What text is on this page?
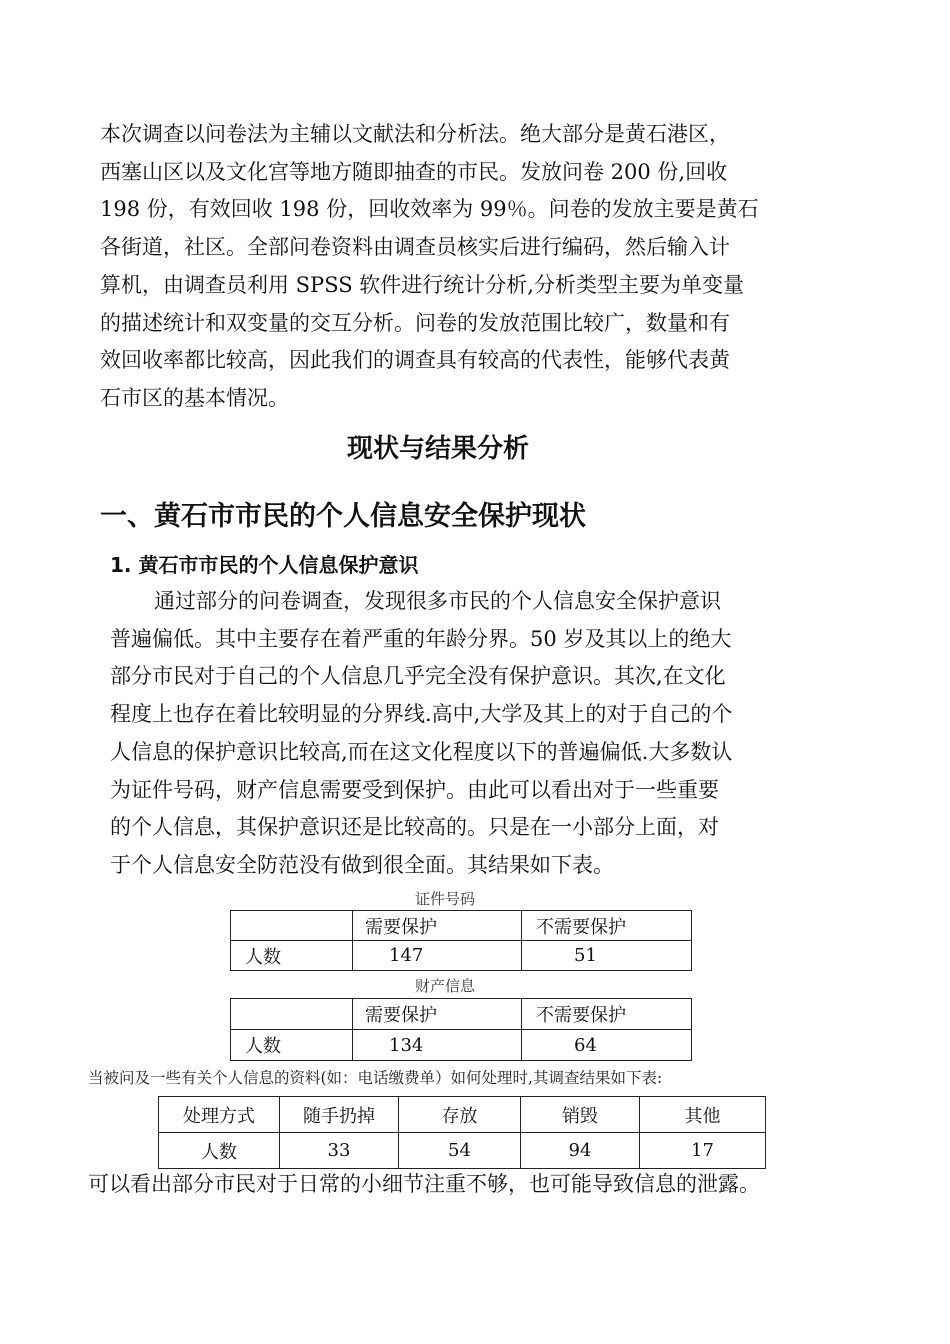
本次调查以问卷法为主辅以文献法和分析法。绝大部分是黄石港区，
西塞山区以及文化宫等地方随即抽查的市民。发放问卷 200 份,回收
198 份，有效回收 198 份，回收效率为 99％。问卷的发放主要是黄石
各街道，社区。全部问卷资料由调查员核实后进行编码，然后输入计
算机，由调查员利用 SPSS 软件进行统计分析,分析类型主要为单变量
的描述统计和双变量的交互分析。问卷的发放范围比较广，数量和有
效回收率都比较高，因此我们的调查具有较高的代表性，能够代表黄
石市区的基本情况。
现状与结果分析
一、黄石市市民的个人信息安全保护现状
1. 黄石市市民的个人信息保护意识
通过部分的问卷调查，发现很多市民的个人信息安全保护意识
普遍偏低。其中主要存在着严重的年龄分界。50 岁及其以上的绝大
部分市民对于自己的个人信息几乎完全没有保护意识。其次,在文化
程度上也存在着比较明显的分界线.高中,大学及其上的对于自己的个
人信息的保护意识比较高,而在这文化程度以下的普遍偏低.大多数认
为证件号码，财产信息需要受到保护。由此可以看出对于一些重要
的个人信息，其保护意识还是比较高的。只是在一小部分上面，对
于个人信息安全防范没有做到很全面。其结果如下表。
证件号码
	需要保护	不需要保护
人数	147	51
财产信息
	需要保护	不需要保护
人数	134	64
当被问及一些有关个人信息的资料(如：电话缴费单）如何处理时,其调查结果如下表:
处理方式	随手扔掉	存放	销毁	其他
人数	33	54	94	17
可以看出部分市民对于日常的小细节注重不够，也可能导致信息的泄露。
